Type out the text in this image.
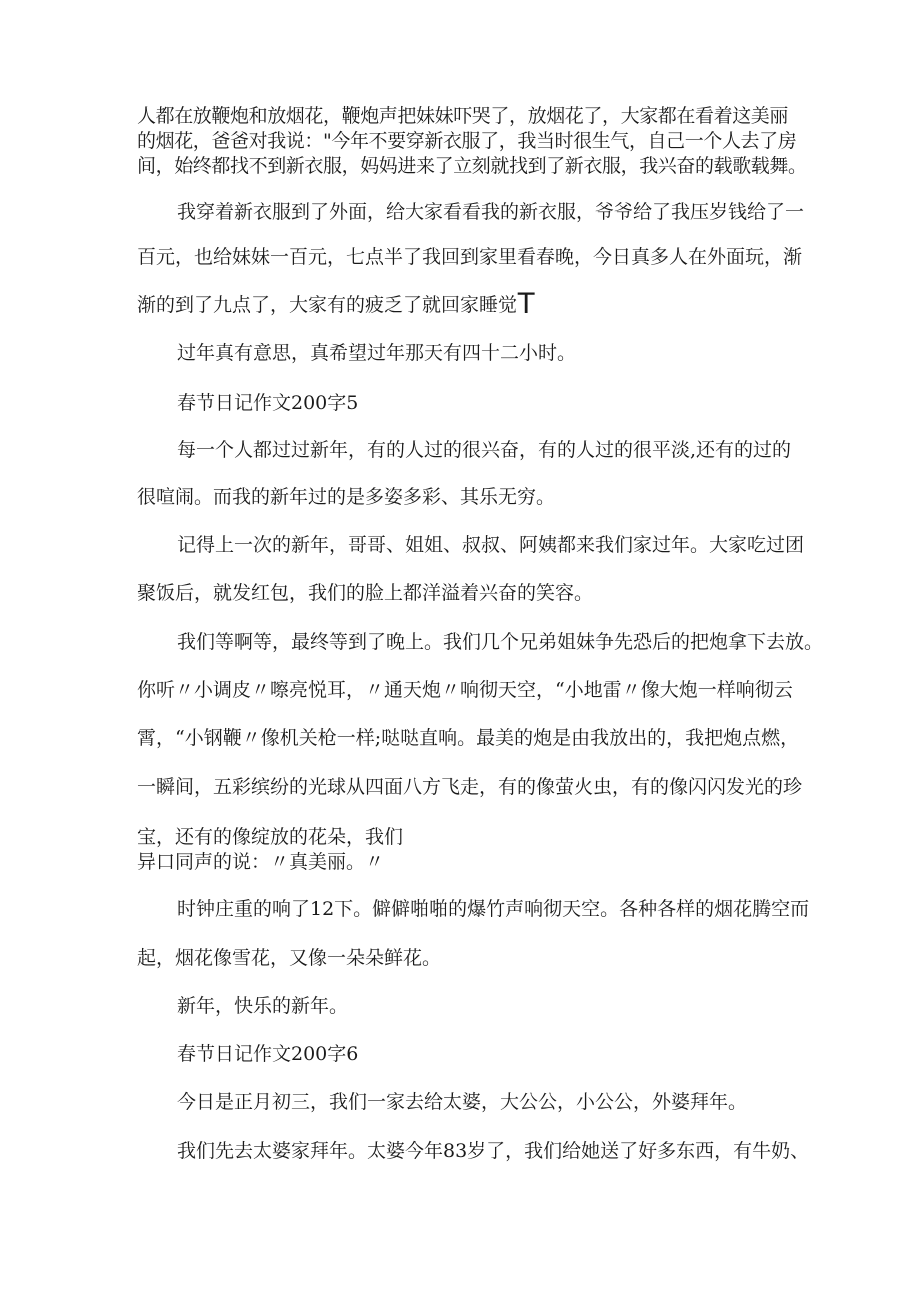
人都在放鞭炮和放烟花，鞭炮声把妹妹吓哭了，放烟花了，大家都在看着这美丽
的烟花，爸爸对我说："今年不要穿新衣服了，我当时很生气，自己一个人去了房
间，始终都找不到新衣服，妈妈进来了立刻就找到了新衣服，我兴奋的载歌载舞。
我穿着新衣服到了外面，给大家看看我的新衣服，爷爷给了我压岁钱给了一
百元，也给妹妹一百元，七点半了我回到家里看春晚，今日真多人在外面玩，渐
渐的到了九点了，大家有的疲乏了就回家睡觉T
过年真有意思，真希望过年那天有四十二小时。
春节日记作文200字5
每一个人都过过新年，有的人过的很兴奋，有的人过的很平淡,还有的过的
很喧闹。而我的新年过的是多姿多彩、其乐无穷。
记得上一次的新年，哥哥、姐姐、叔叔、阿姨都来我们家过年。大家吃过团
聚饭后，就发红包，我们的脸上都洋溢着兴奋的笑容。
我们等啊等，最终等到了晚上。我们几个兄弟姐妹争先恐后的把炮拿下去放。
你听〃小调皮〃嚓亮悦耳，〃通天炮〃响彻天空，“小地雷〃像大炮一样响彻云
霄，“小钢鞭〃像机关枪一样;哒哒直响。最美的炮是由我放出的，我把炮点燃，
一瞬间，五彩缤纷的光球从四面八方飞走，有的像萤火虫，有的像闪闪发光的珍
宝，还有的像绽放的花朵，我们
异口同声的说：〃真美丽。〃
时钟庄重的响了12下。僻僻啪啪的爆竹声响彻天空。各种各样的烟花腾空而
起，烟花像雪花，又像一朵朵鲜花。
新年，快乐的新年。
春节日记作文200字6
今日是正月初三，我们一家去给太婆，大公公，小公公，外婆拜年。
我们先去太婆家拜年。太婆今年83岁了，我们给她送了好多东西，有牛奶、
